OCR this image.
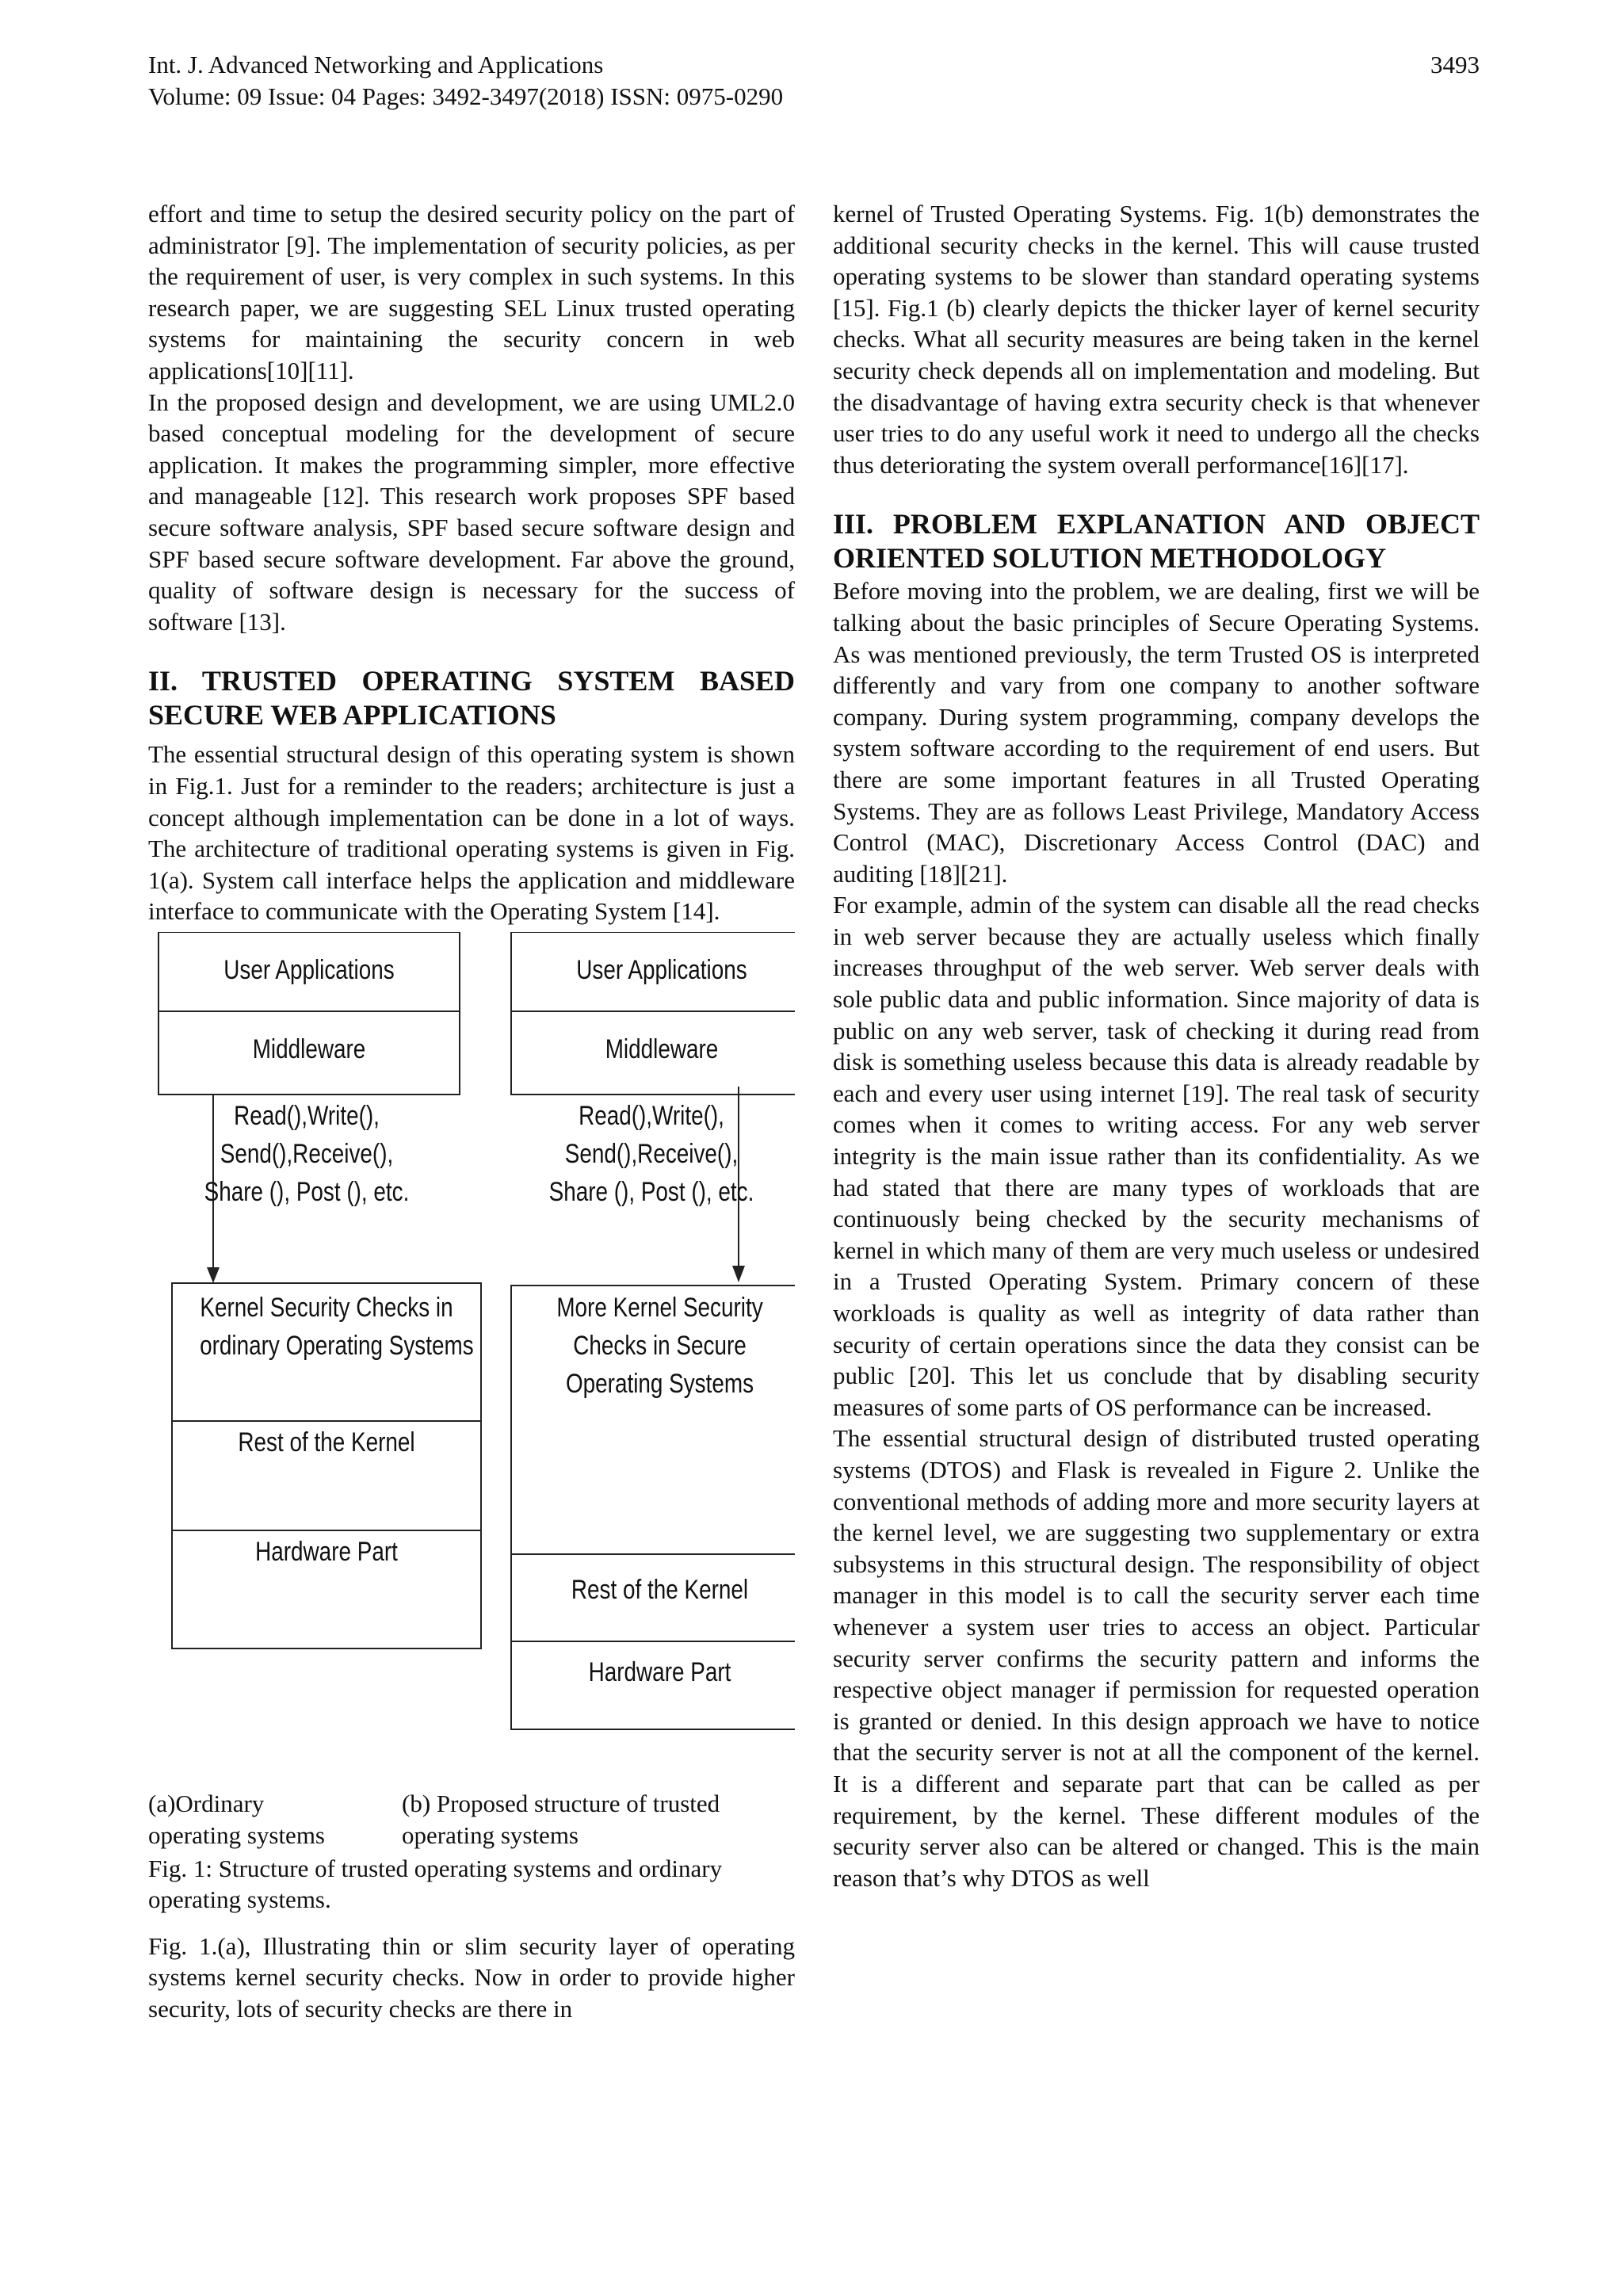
Int. J. Advanced Networking and Applications
Volume: 09 Issue: 04 Pages: 3492-3497(2018) ISSN: 0975-0290
3493

effort and time to setup the desired security policy on the part of administrator [9]. The implementation of security policies, as per the requirement of user, is very complex in such systems. In this research paper, we are suggesting SEL Linux trusted operating systems for maintaining the security concern in web applications[10][11].

In the proposed design and development, we are using UML2.0 based conceptual modeling for the development of secure application. It makes the programming simpler, more effective and manageable [12]. This research work proposes SPF based secure software analysis, SPF based secure software design and SPF based secure software development. Far above the ground, quality of software design is necessary for the success of software [13].

II. TRUSTED OPERATING SYSTEM BASED SECURE WEB APPLICATIONS

The essential structural design of this operating system is shown in Fig.1. Just for a reminder to the readers; architecture is just a concept although implementation can be done in a lot of ways. The architecture of traditional operating systems is given in Fig. 1(a). System call interface helps the application and middleware interface to communicate with the Operating System [14].

User Applications
Middleware
Read(),Write(),
Send(),Receive(),
Share (), Post (), etc.
Kernel Security Checks in
ordinary Operating Systems
Rest of the Kernel
Hardware Part
User Applications
Middleware
Read(),Write(),
Send(),Receive(),
Share (), Post (), etc.
More Kernel Security
Checks in Secure
Operating Systems
Rest of the Kernel
Hardware Part
(a)Ordinary
operating systems
(b) Proposed structure of trusted
operating systems
Fig. 1: Structure of trusted operating systems and ordinary
operating systems.

Fig. 1.(a), Illustrating thin or slim security layer of operating systems kernel security checks. Now in order to provide higher security, lots of security checks are there in

kernel of Trusted Operating Systems. Fig. 1(b) demonstrates the additional security checks in the kernel. This will cause trusted operating systems to be slower than standard operating systems [15]. Fig.1 (b) clearly depicts the thicker layer of kernel security checks. What all security measures are being taken in the kernel security check depends all on implementation and modeling. But the disadvantage of having extra security check is that whenever user tries to do any useful work it need to undergo all the checks thus deteriorating the system overall performance[16][17].

III. PROBLEM EXPLANATION AND OBJECT ORIENTED SOLUTION METHODOLOGY

Before moving into the problem, we are dealing, first we will be talking about the basic principles of Secure Operating Systems. As was mentioned previously, the term Trusted OS is interpreted differently and vary from one company to another software company. During system programming, company develops the system software according to the requirement of end users. But there are some important features in all Trusted Operating Systems. They are as follows Least Privilege, Mandatory Access Control (MAC), Discretionary Access Control (DAC) and auditing [18][21].

For example, admin of the system can disable all the read checks in web server because they are actually useless which finally increases throughput of the web server. Web server deals with sole public data and public information. Since majority of data is public on any web server, task of checking it during read from disk is something useless because this data is already readable by each and every user using internet [19]. The real task of security comes when it comes to writing access. For any web server integrity is the main issue rather than its confidentiality. As we had stated that there are many types of workloads that are continuously being checked by the security mechanisms of kernel in which many of them are very much useless or undesired in a Trusted Operating System. Primary concern of these workloads is quality as well as integrity of data rather than security of certain operations since the data they consist can be public [20]. This let us conclude that by disabling security measures of some parts of OS performance can be increased.

The essential structural design of distributed trusted operating systems (DTOS) and Flask is revealed in Figure 2. Unlike the conventional methods of adding more and more security layers at the kernel level, we are suggesting two supplementary or extra subsystems in this structural design. The responsibility of object manager in this model is to call the security server each time whenever a system user tries to access an object. Particular security server confirms the security pattern and informs the respective object manager if permission for requested operation is granted or denied. In this design approach we have to notice that the security server is not at all the component of the kernel. It is a different and separate part that can be called as per requirement, by the kernel. These different modules of the security server also can be altered or changed. This is the main reason that’s why DTOS as well
